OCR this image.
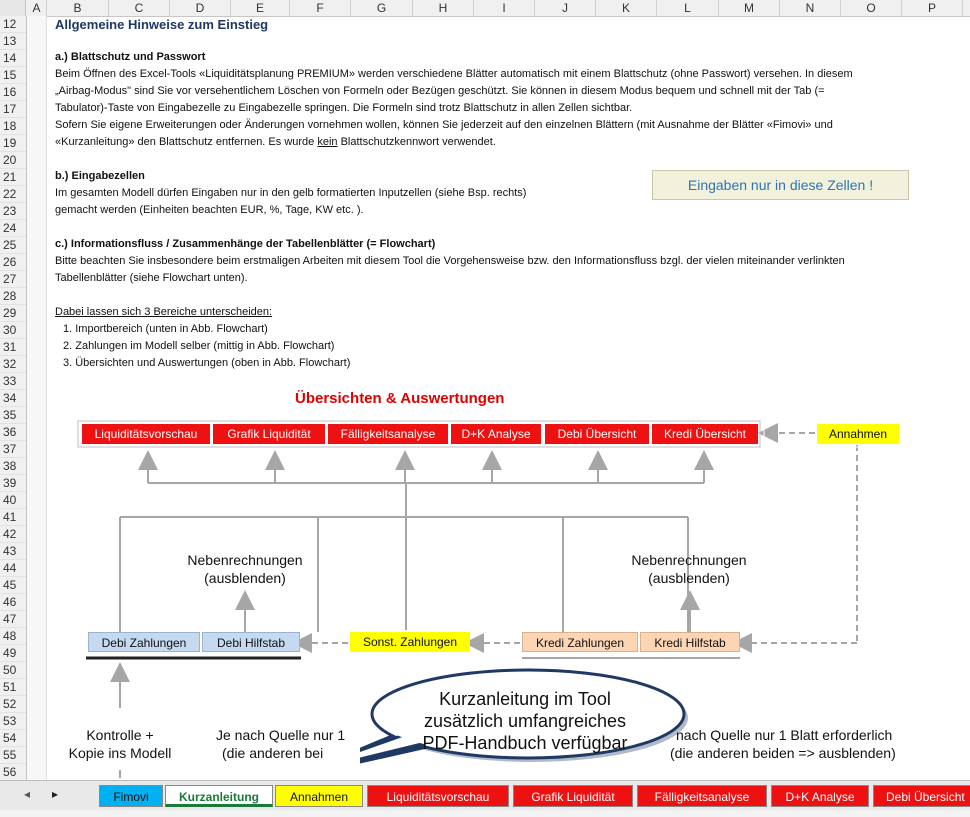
A	B	C	D	E	F	G	H	I	J	K	L	M	N	O	P
12
13
14
15
16
17
18
19
20
21
22
23
24
25
26
27
28
29
30
31
32
33
34
35
36
37
38
39
40
41
42
43
44
45
46
47
48
49
50
51
52
53
54
55
56
Allgemeine Hinweise zum Einstieg
a.) Blattschutz und Passwort
Beim Öffnen des Excel-Tools «Liquiditätsplanung PREMIUM» werden verschiedene Blätter automatisch mit einem Blattschutz (ohne Passwort) versehen. In diesem
„Airbag-Modus" sind Sie vor versehentlichem Löschen von Formeln oder Bezügen geschützt. Sie können in diesem Modus bequem und schnell mit der Tab (=
Tabulator)-Taste von Eingabezelle zu Eingabezelle springen. Die Formeln sind trotz Blattschutz in allen Zellen sichtbar.
Sofern Sie eigene Erweiterungen oder Änderungen vornehmen wollen, können Sie jederzeit auf den einzelnen Blättern (mit Ausnahme der Blätter «Fimovi» und
«Kurzanleitung» den Blattschutz entfernen. Es wurde kein Blattschutzkennwort verwendet.
b.) Eingabezellen
Im gesamten Modell dürfen Eingaben nur in den gelb formatierten Inputzellen (siehe Bsp. rechts)
gemacht werden (Einheiten beachten EUR, %, Tage, KW etc. ).
Eingaben nur in diese Zellen !
c.) Informationsfluss / Zusammenhänge der Tabellenblätter (= Flowchart)
Bitte beachten Sie insbesondere beim erstmaligen Arbeiten mit diesem Tool die Vorgehensweise bzw. den Informationsfluss bzgl. der vielen miteinander verlinkten
Tabellenblätter (siehe Flowchart unten).
Dabei lassen sich 3 Bereiche unterscheiden:
1. Importbereich (unten in Abb. Flowchart)
2. Zahlungen im Modell selber (mittig in Abb. Flowchart)
3. Übersichten und Auswertungen (oben in Abb. Flowchart)
Übersichten & Auswertungen
Liquiditätsvorschau	Grafik Liquidität	Fälligkeitsanalyse	D+K Analyse	Debi Übersicht	Kredi Übersicht	Annahmen
Nebenrechnungen
(ausblenden)
Nebenrechnungen
(ausblenden)
Debi Zahlungen	Debi Hilfstab	Sonst. Zahlungen	Kredi Zahlungen	Kredi Hilfstab
Kontrolle +
Kopie ins Modell
Je nach Quelle nur 1
(die anderen bei
nach Quelle nur 1 Blatt erforderlich
(die anderen beiden => ausblenden)
Kurzanleitung im Tool
zusätzlich umfangreiches
PDF-Handbuch verfügbar
◂ ▸	Fimovi	Kurzanleitung	Annahmen	Liquiditätsvorschau	Grafik Liquidität	Fälligkeitsanalyse	D+K Analyse	Debi Übersicht
